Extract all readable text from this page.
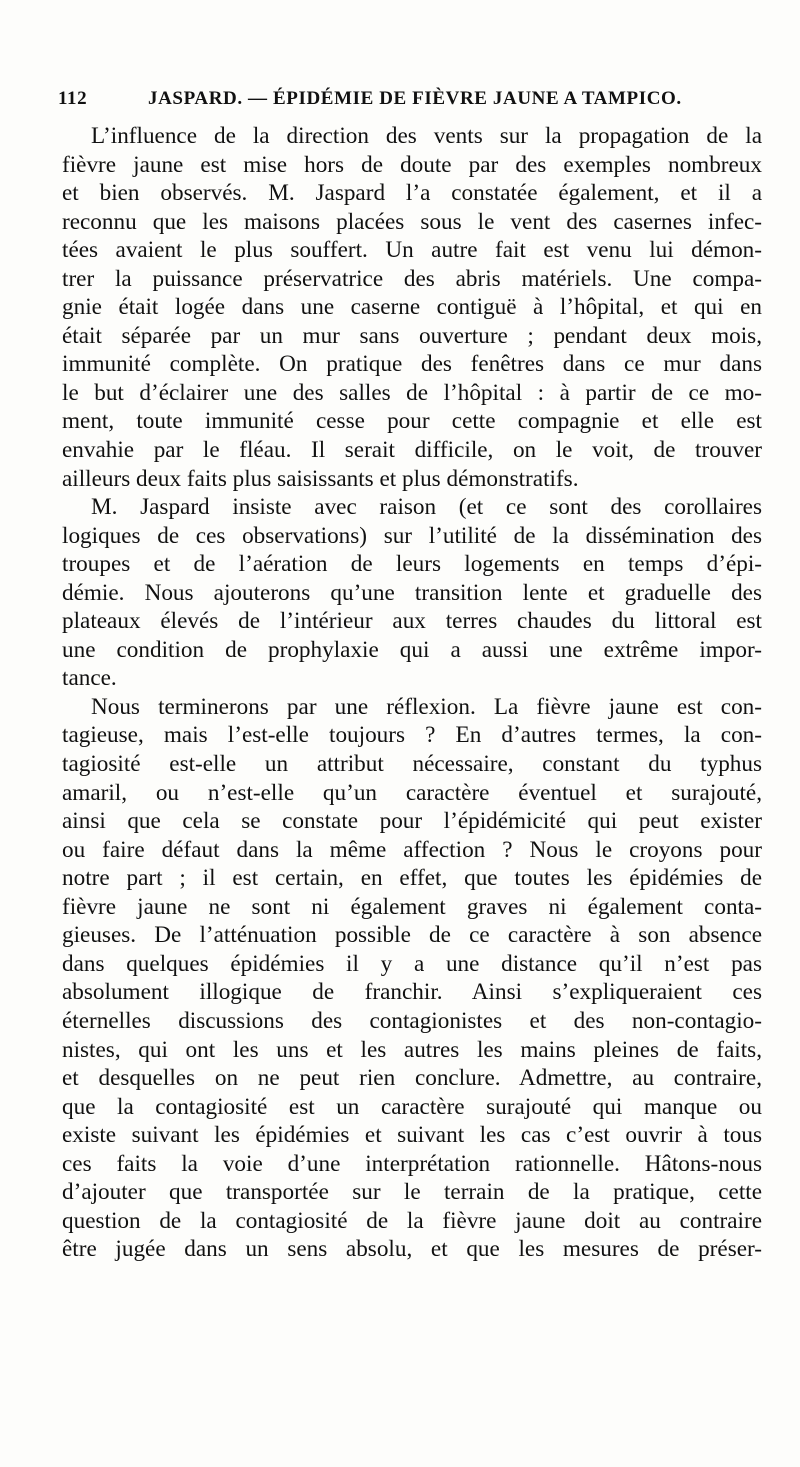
112	JASPARD. — ÉPIDÉMIE DE FIÈVRE JAUNE A TAMPICO.
L’influence de la direction des vents sur la propagation de la
fièvre jaune est mise hors de doute par des exemples nombreux
et bien observés. M. Jaspard l’a constatée également, et il a
reconnu que les maisons placées sous le vent des casernes infec-
tées avaient le plus souffert. Un autre fait est venu lui démon-
trer la puissance préservatrice des abris matériels. Une compa-
gnie était logée dans une caserne contiguë à l’hôpital, et qui en
était séparée par un mur sans ouverture ; pendant deux mois,
immunité complète. On pratique des fenêtres dans ce mur dans
le but d’éclairer une des salles de l’hôpital : à partir de ce mo-
ment, toute immunité cesse pour cette compagnie et elle est
envahie par le fléau. Il serait difficile, on le voit, de trouver
ailleurs deux faits plus saisissants et plus démonstratifs.
M. Jaspard insiste avec raison (et ce sont des corollaires
logiques de ces observations) sur l’utilité de la dissémination des
troupes et de l’aération de leurs logements en temps d’épi-
démie. Nous ajouterons qu’une transition lente et graduelle des
plateaux élevés de l’intérieur aux terres chaudes du littoral est
une condition de prophylaxie qui a aussi une extrême impor-
tance.
Nous terminerons par une réflexion. La fièvre jaune est con-
tagieuse, mais l’est-elle toujours ? En d’autres termes, la con-
tagiosité est-elle un attribut nécessaire, constant du typhus
amaril, ou n’est-elle qu’un caractère éventuel et surajouté,
ainsi que cela se constate pour l’épidémicité qui peut exister
ou faire défaut dans la même affection ? Nous le croyons pour
notre part ; il est certain, en effet, que toutes les épidémies de
fièvre jaune ne sont ni également graves ni également conta-
gieuses. De l’atténuation possible de ce caractère à son absence
dans quelques épidémies il y a une distance qu’il n’est pas
absolument illogique de franchir. Ainsi s’expliqueraient ces
éternelles discussions des contagionistes et des non-contagio-
nistes, qui ont les uns et les autres les mains pleines de faits,
et desquelles on ne peut rien conclure. Admettre, au contraire,
que la contagiosité est un caractère surajouté qui manque ou
existe suivant les épidémies et suivant les cas c’est ouvrir à tous
ces faits la voie d’une interprétation rationnelle. Hâtons-nous
d’ajouter que transportée sur le terrain de la pratique, cette
question de la contagiosité de la fièvre jaune doit au contraire
être jugée dans un sens absolu, et que les mesures de préser-
